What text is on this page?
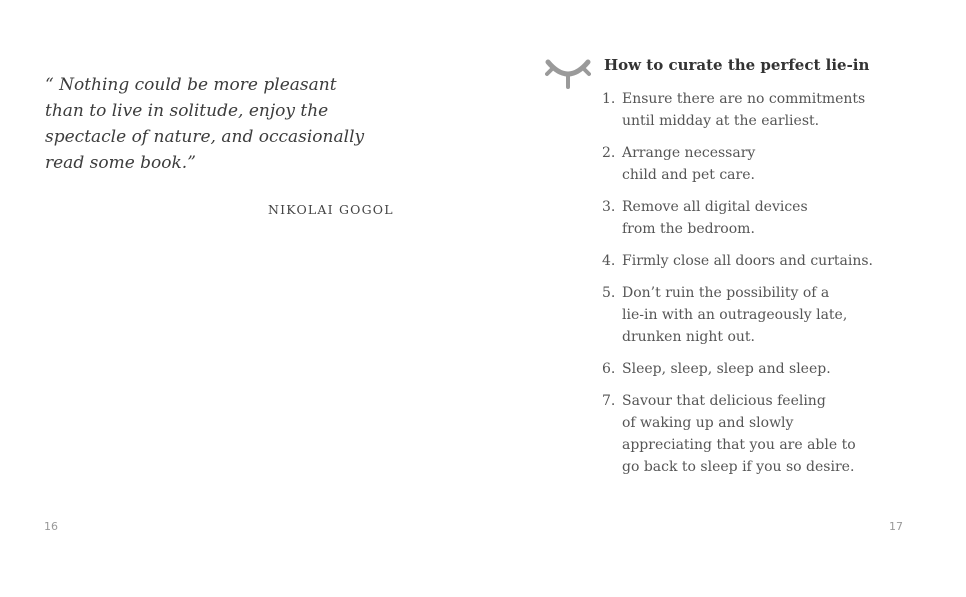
“ Nothing could be more pleasant
than to live in solitude, enjoy the
spectacle of nature, and occasionally
read some book.”

NIKOLAI GOGOL

16
How to curate the perfect lie-in
1. Ensure there are no commitments
until midday at the earliest.
2. Arrange necessary
child and pet care.
3. Remove all digital devices
from the bedroom.
4. Firmly close all doors and curtains.
5. Don’t ruin the possibility of a
lie-in with an outrageously late,
drunken night out.
6. Sleep, sleep, sleep and sleep.
7. Savour that delicious feeling
of waking up and slowly
appreciating that you are able to
go back to sleep if you so desire.
17
